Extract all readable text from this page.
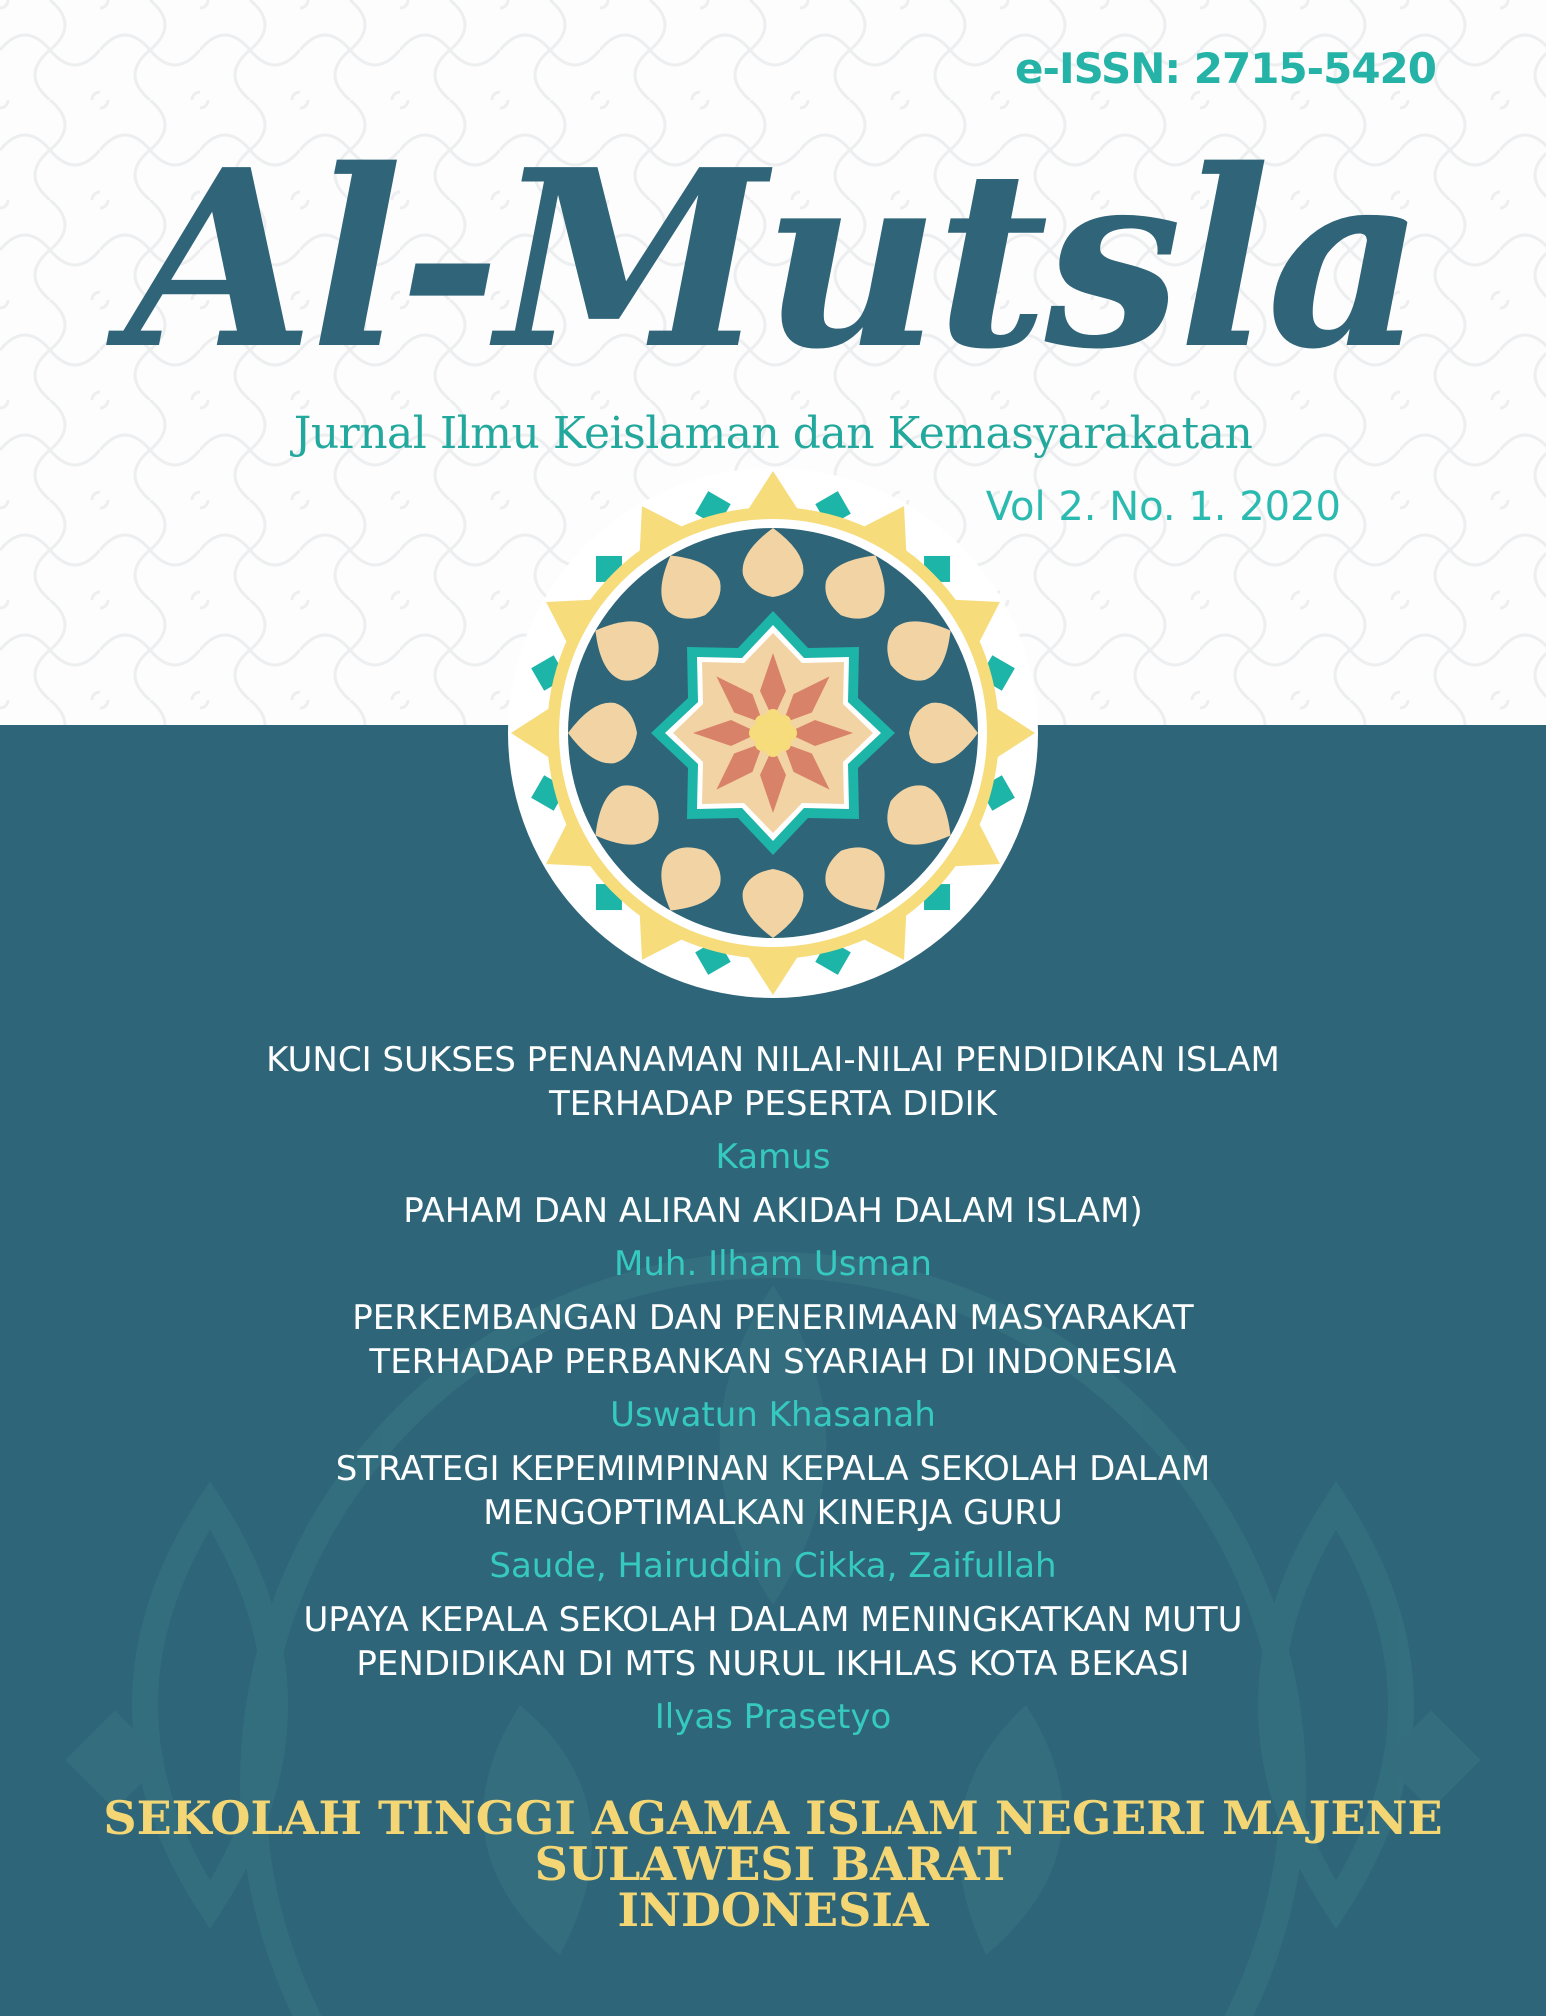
e-ISSN: 2715-5420
Al-Mutsla
Jurnal Ilmu Keislaman dan Kemasyarakatan
Vol 2. No. 1. 2020
KUNCI SUKSES PENANAMAN NILAI-NILAI PENDIDIKAN ISLAM
TERHADAP PESERTA DIDIK
Kamus
PAHAM DAN ALIRAN AKIDAH DALAM ISLAM)
Muh. Ilham Usman
PERKEMBANGAN DAN PENERIMAAN MASYARAKAT
TERHADAP PERBANKAN SYARIAH DI INDONESIA
Uswatun Khasanah
STRATEGI KEPEMIMPINAN KEPALA SEKOLAH DALAM
MENGOPTIMALKAN KINERJA GURU
Saude, Hairuddin Cikka, Zaifullah
UPAYA KEPALA SEKOLAH DALAM MENINGKATKAN MUTU
PENDIDIKAN DI MTS NURUL IKHLAS KOTA BEKASI
Ilyas Prasetyo
SEKOLAH TINGGI AGAMA ISLAM NEGERI MAJENE
SULAWESI BARAT
INDONESIA
